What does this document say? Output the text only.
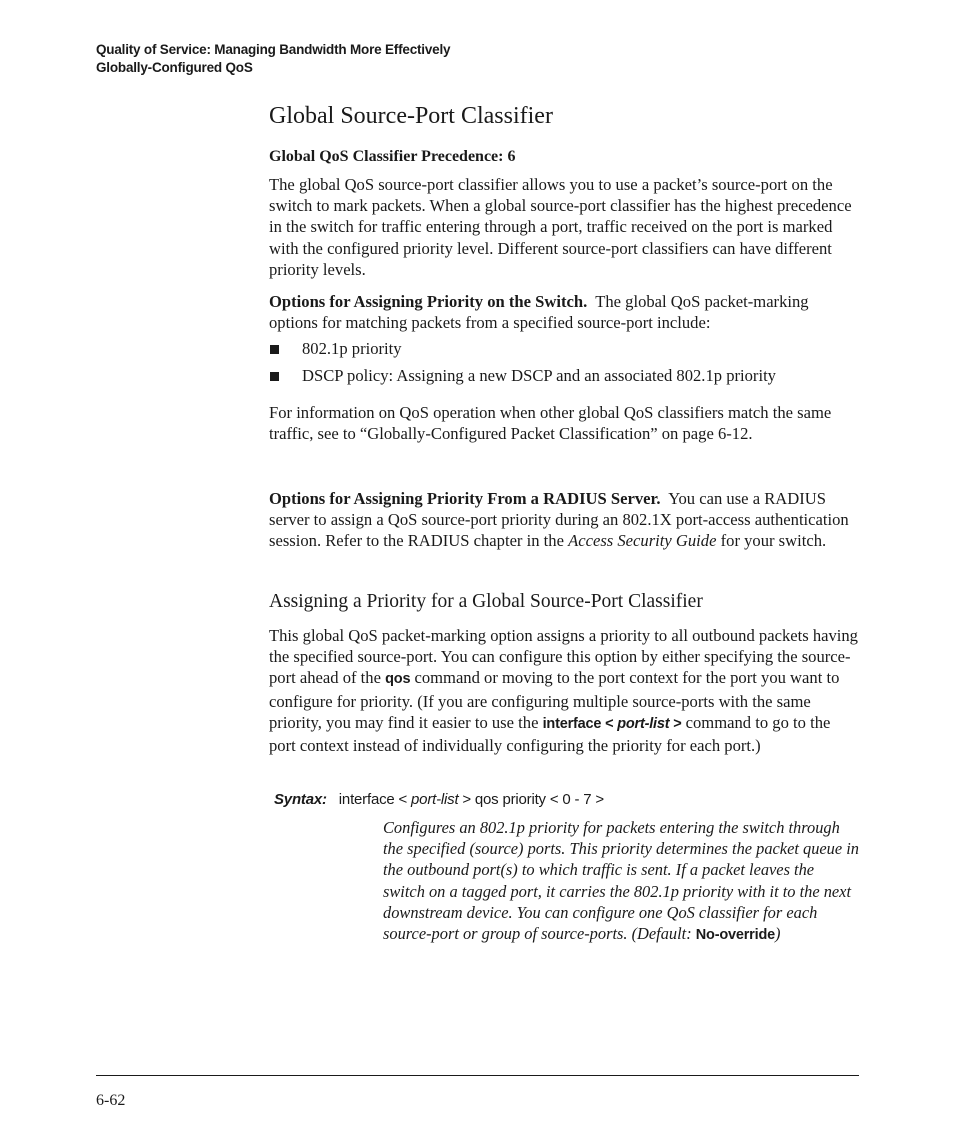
Quality of Service: Managing Bandwidth More Effectively
Globally-Configured QoS
Global Source-Port Classifier
Global QoS Classifier Precedence: 6
The global QoS source-port classifier allows you to use a packet’s source-port on the switch to mark packets. When a global source-port classifier has the highest precedence in the switch for traffic entering through a port, traffic received on the port is marked with the configured priority level. Different source-port classifiers can have different priority levels.
Options for Assigning Priority on the Switch. The global QoS packet-marking options for matching packets from a specified source-port include:
802.1p priority
DSCP policy: Assigning a new DSCP and an associated 802.1p priority
For information on QoS operation when other global QoS classifiers match the same traffic, see to “Globally-Configured Packet Classification” on page 6-12.
Options for Assigning Priority From a RADIUS Server. You can use a RADIUS server to assign a QoS source-port priority during an 802.1X port-access authentication session. Refer to the RADIUS chapter in the Access Security Guide for your switch.
Assigning a Priority for a Global Source-Port Classifier
This global QoS packet-marking option assigns a priority to all outbound packets having the specified source-port. You can configure this option by either specifying the source-port ahead of the qos command or moving to the port context for the port you want to configure for priority. (If you are configuring multiple source-ports with the same priority, you may find it easier to use the interface < port-list > command to go to the port context instead of individually configuring the priority for each port.)
Syntax: interface < port-list > qos priority < 0 - 7 >
Configures an 802.1p priority for packets entering the switch through the specified (source) ports. This priority determines the packet queue in the outbound port(s) to which traffic is sent. If a packet leaves the switch on a tagged port, it carries the 802.1p priority with it to the next downstream device. You can configure one QoS classifier for each source-port or group of source-ports. (Default: No-override)
6-62
